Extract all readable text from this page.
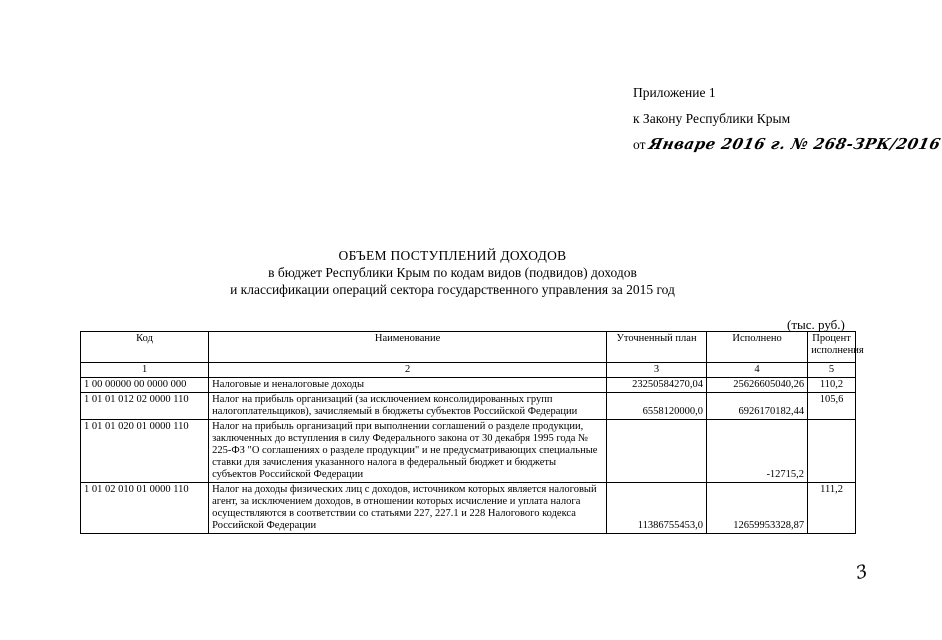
Приложение 1
к Закону Республики Крым
от Январе 2016 г. № 268-ЗРК/2016
ОБЪЕМ ПОСТУПЛЕНИЙ ДОХОДОВ
в бюджет Республики Крым по кодам видов (подвидов) доходов
и классификации операций сектора государственного управления за 2015 год
(тыс. руб.)
Код	Наименование	Уточненный план	Исполнено	Процент исполнения
1	2	3	4	5
1 00 00000 00 0000 000	Налоговые и неналоговые доходы	23250584270,04	25626605040,26	110,2
1 01 01 012 02 0000 110	Налог на прибыль организаций (за исключением консолидированных групп налогоплательщиков), зачисляемый в бюджеты субъектов Российской Федерации	6558120000,0	6926170182,44	105,6
1 01 01 020 01 0000 110	Налог на прибыль организаций при выполнении соглашений о разделе продукции, заключенных до вступления в силу Федерального закона от 30 декабря 1995 года № 225-ФЗ "О соглашениях о разделе продукции" и не предусматривающих специальные ставки для зачисления указанного налога в федеральный бюджет и бюджеты субъектов Российской Федерации		-12715,2	
1 01 02 010 01 0000 110	Налог на доходы физических лиц с доходов, источником которых является налоговый агент, за исключением доходов, в отношении которых исчисление и уплата налога осуществляются в соответствии со статьями 227, 227.1 и 228 Налогового кодекса Российской Федерации	11386755453,0	12659953328,87	111,2
3
